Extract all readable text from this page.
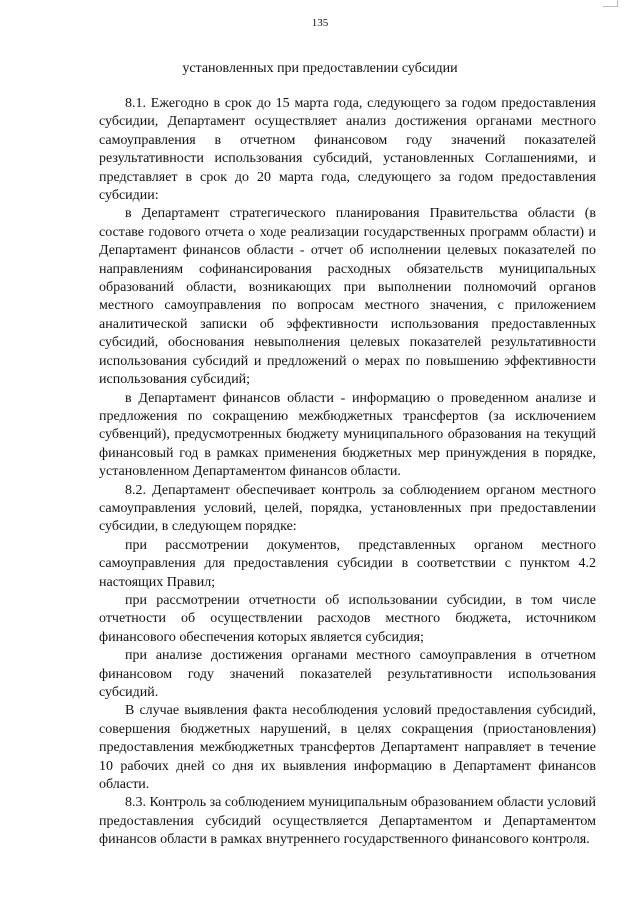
135
установленных при предоставлении субсидии

8.1. Ежегодно в срок до 15 марта года, следующего за годом предоставления субсидии, Департамент осуществляет анализ достижения органами местного самоуправления в отчетном финансовом году значений показателей результативности использования субсидий, установленных Соглашениями, и представляет в срок до 20 марта года, следующего за годом предоставления субсидии:

в Департамент стратегического планирования Правительства области (в составе годового отчета о ходе реализации государственных программ области) и Департамент финансов области - отчет об исполнении целевых показателей по направлениям софинансирования расходных обязательств муниципальных образований области, возникающих при выполнении полномочий органов местного самоуправления по вопросам местного значения, с приложением аналитической записки об эффективности использования предоставленных субсидий, обоснования невыполнения целевых показателей результативности использования субсидий и предложений о мерах по повышению эффективности использования субсидий;

в Департамент финансов области - информацию о проведенном анализе и предложения по сокращению межбюджетных трансфертов (за исключением субвенций), предусмотренных бюджету муниципального образования на текущий финансовый год в рамках применения бюджетных мер принуждения в порядке, установленном Департаментом финансов области.

8.2. Департамент обеспечивает контроль за соблюдением органом местного самоуправления условий, целей, порядка, установленных при предоставлении субсидии, в следующем порядке:

при рассмотрении документов, представленных органом местного самоуправления для предоставления субсидии в соответствии с пунктом 4.2 настоящих Правил;

при рассмотрении отчетности об использовании субсидии, в том числе отчетности об осуществлении расходов местного бюджета, источником финансового обеспечения которых является субсидия;

при анализе достижения органами местного самоуправления в отчетном финансовом году значений показателей результативности использования субсидий.

В случае выявления факта несоблюдения условий предоставления субсидий, совершения бюджетных нарушений, в целях сокращения (приостановления) предоставления межбюджетных трансфертов Департамент направляет в течение 10 рабочих дней со дня их выявления информацию в Департамент финансов области.

8.3. Контроль за соблюдением муниципальным образованием области условий предоставления субсидий осуществляется Департаментом и Департаментом финансов области в рамках внутреннего государственного финансового контроля.
